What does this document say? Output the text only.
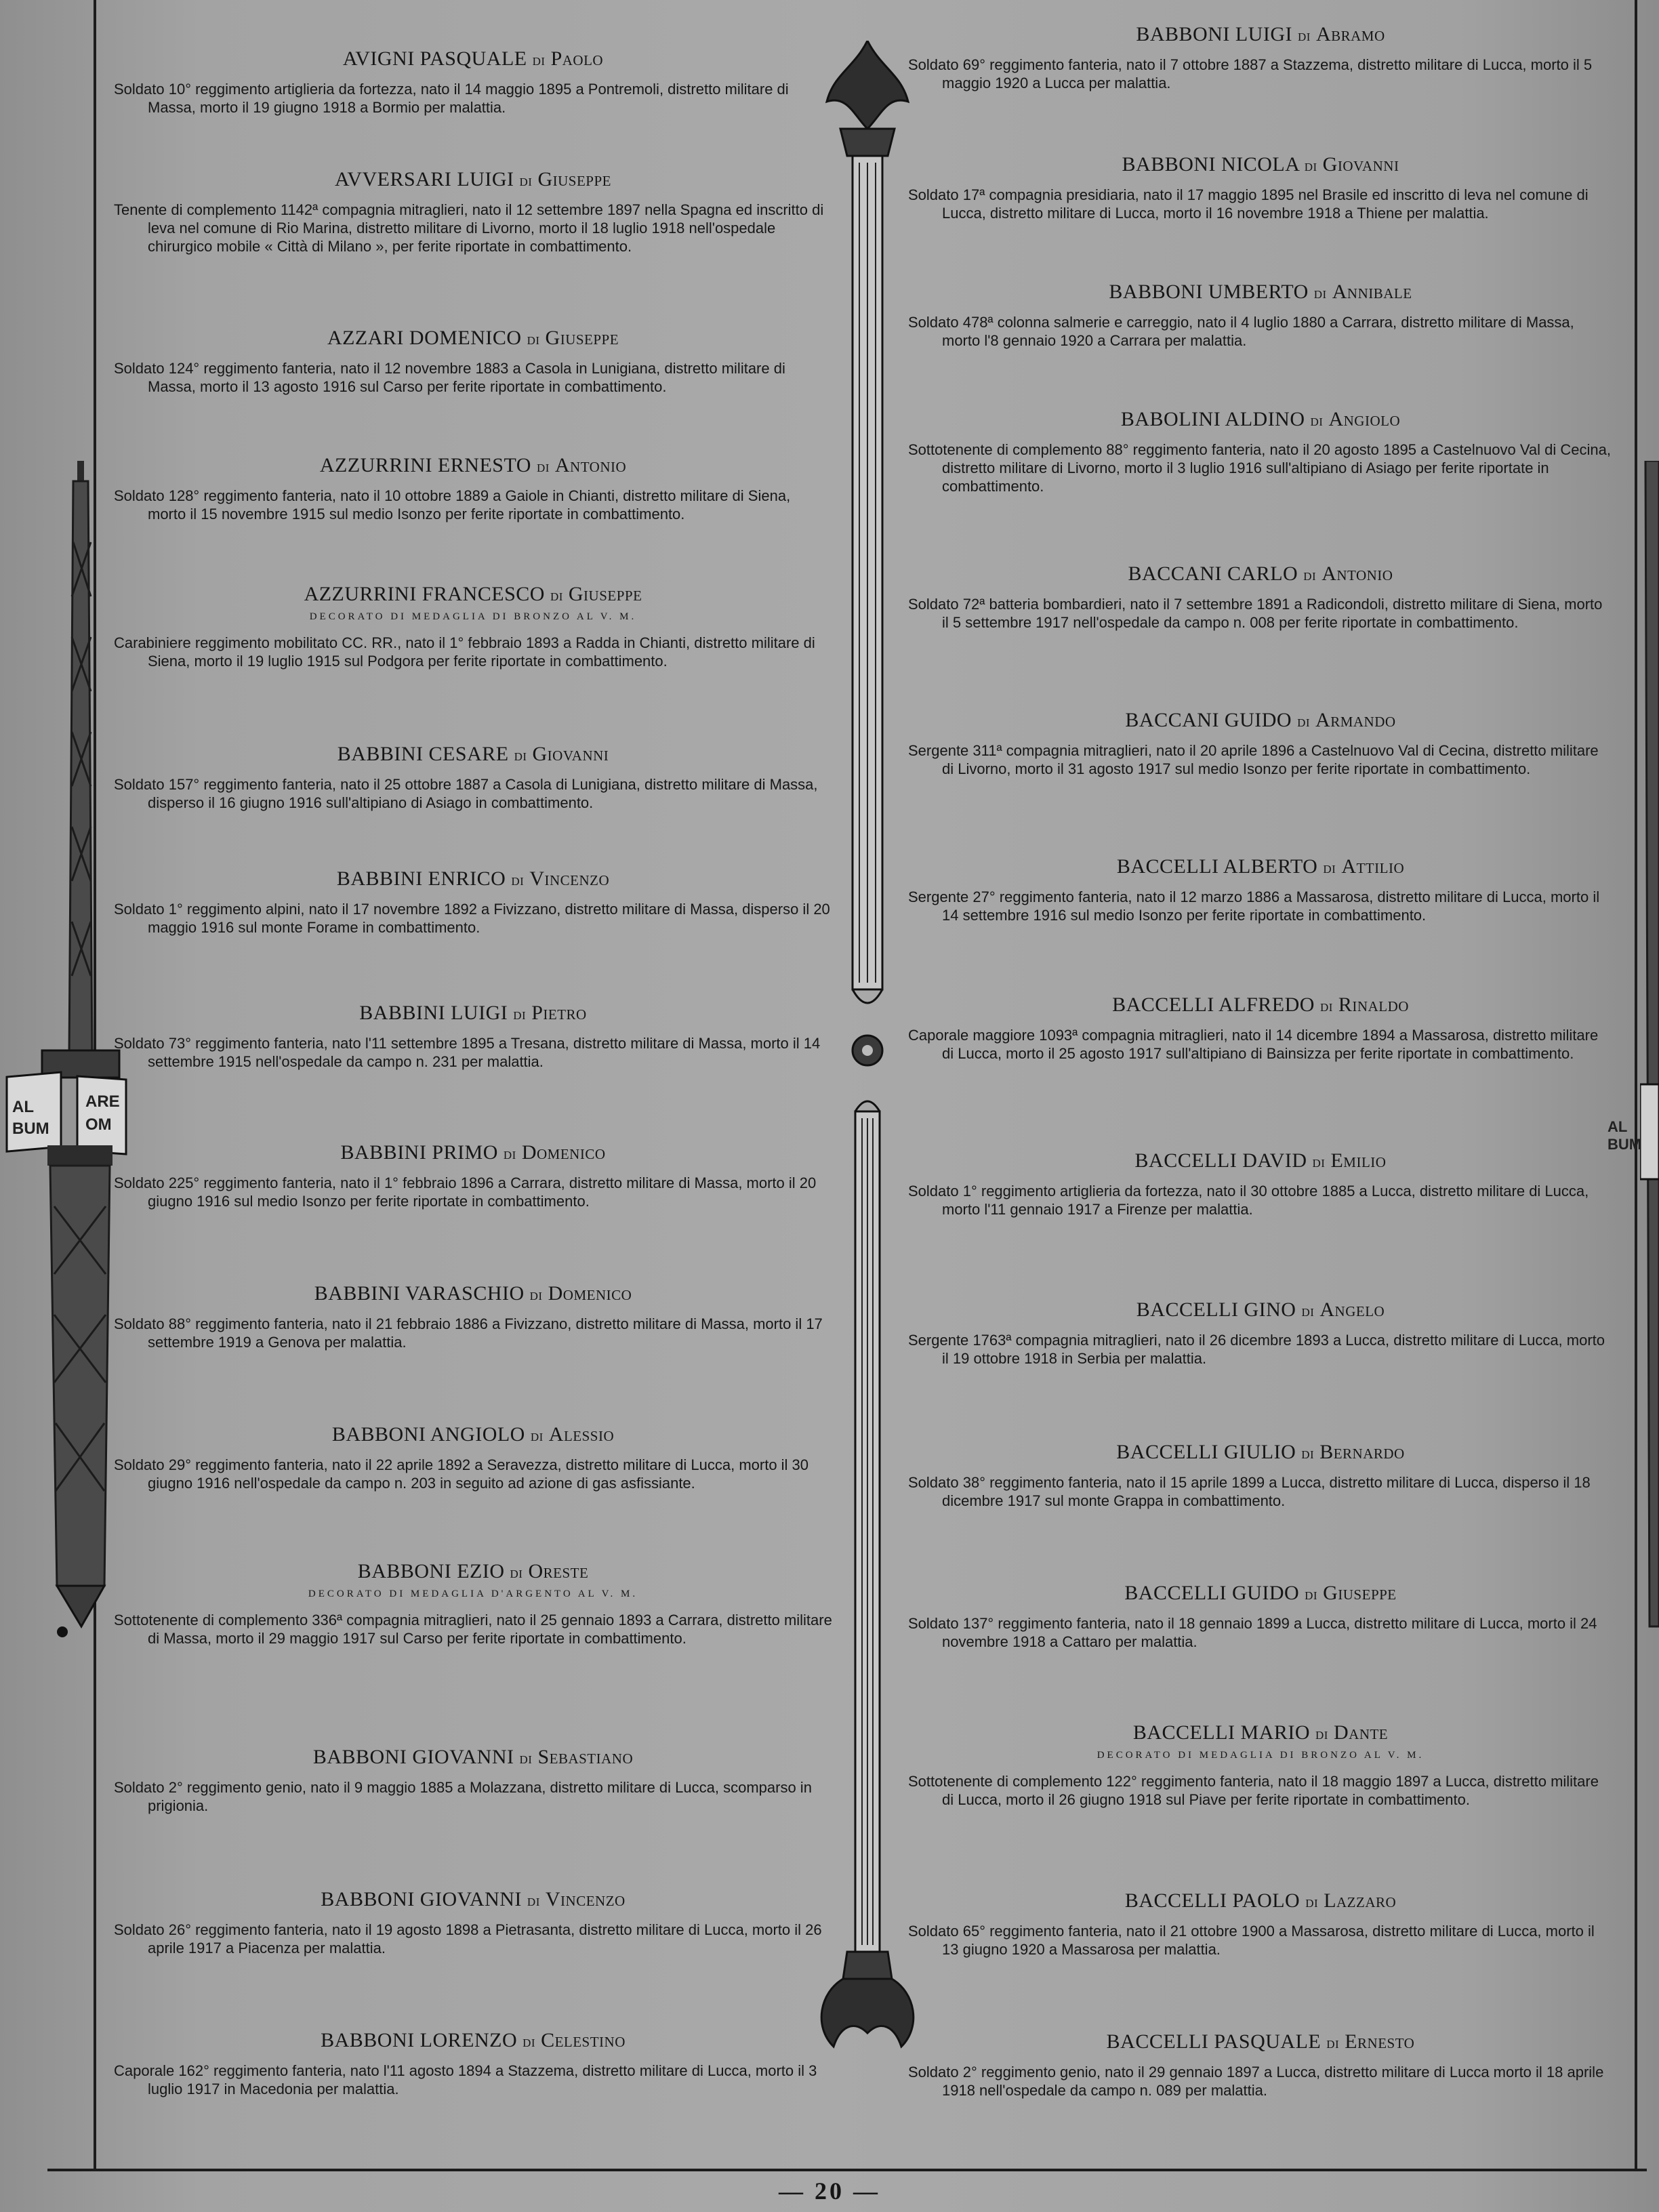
AL
BUM
ARE
OM	AL
BUM
AVIGNI PASQUALE di Paolo

Soldato 10° reggimento artiglieria da fortezza, nato il 14 maggio 1895 a Pontremoli, distretto militare di Massa, morto il 19 giugno 1918 a Bormio per malattia.

AVVERSARI LUIGI di Giuseppe

Tenente di complemento 1142ª compagnia mitraglieri, nato il 12 settembre 1897 nella Spagna ed inscritto di leva nel comune di Rio Marina, distretto militare di Livorno, morto il 18 luglio 1918 nell'ospedale chirurgico mobile « Città di Milano », per ferite riportate in combattimento.

AZZARI DOMENICO di Giuseppe

Soldato 124° reggimento fanteria, nato il 12 novembre 1883 a Casola in Lunigiana, distretto militare di Massa, morto il 13 agosto 1916 sul Carso per ferite riportate in combattimento.

AZZURRINI ERNESTO di Antonio

Soldato 128° reggimento fanteria, nato il 10 ottobre 1889 a Gaiole in Chianti, distretto militare di Siena, morto il 15 novembre 1915 sul medio Isonzo per ferite riportate in combattimento.

AZZURRINI FRANCESCO di Giuseppe
DECORATO DI MEDAGLIA DI BRONZO AL V. M.

Carabiniere reggimento mobilitato CC. RR., nato il 1° febbraio 1893 a Radda in Chianti, distretto militare di Siena, morto il 19 luglio 1915 sul Podgora per ferite riportate in combattimento.

BABBINI CESARE di Giovanni

Soldato 157° reggimento fanteria, nato il 25 ottobre 1887 a Casola di Lunigiana, distretto militare di Massa, disperso il 16 giugno 1916 sull'altipiano di Asiago in combattimento.

BABBINI ENRICO di Vincenzo

Soldato 1° reggimento alpini, nato il 17 novembre 1892 a Fivizzano, distretto militare di Massa, disperso il 20 maggio 1916 sul monte Forame in combattimento.

BABBINI LUIGI di Pietro

Soldato 73° reggimento fanteria, nato l'11 settembre 1895 a Tresana, distretto militare di Massa, morto il 14 settembre 1915 nell'ospedale da campo n. 231 per malattia.

BABBINI PRIMO di Domenico

Soldato 225° reggimento fanteria, nato il 1° febbraio 1896 a Carrara, distretto militare di Massa, morto il 20 giugno 1916 sul medio Isonzo per ferite riportate in combattimento.

BABBINI VARASCHIO di Domenico

Soldato 88° reggimento fanteria, nato il 21 febbraio 1886 a Fivizzano, distretto militare di Massa, morto il 17 settembre 1919 a Genova per malattia.

BABBONI ANGIOLO di Alessio

Soldato 29° reggimento fanteria, nato il 22 aprile 1892 a Seravezza, distretto militare di Lucca, morto il 30 giugno 1916 nell'ospedale da campo n. 203 in seguito ad azione di gas asfissiante.

BABBONI EZIO di Oreste
DECORATO DI MEDAGLIA D'ARGENTO AL V. M.

Sottotenente di complemento 336ª compagnia mitraglieri, nato il 25 gennaio 1893 a Carrara, distretto militare di Massa, morto il 29 maggio 1917 sul Carso per ferite riportate in combattimento.

BABBONI GIOVANNI di Sebastiano

Soldato 2° reggimento genio, nato il 9 maggio 1885 a Molazzana, distretto militare di Lucca, scomparso in prigionia.

BABBONI GIOVANNI di Vincenzo

Soldato 26° reggimento fanteria, nato il 19 agosto 1898 a Pietrasanta, distretto militare di Lucca, morto il 26 aprile 1917 a Piacenza per malattia.

BABBONI LORENZO di Celestino

Caporale 162° reggimento fanteria, nato l'11 agosto 1894 a Stazzema, distretto militare di Lucca, morto il 3 luglio 1917 in Macedonia per malattia.

BABBONI LUIGI di Abramo

Soldato 69° reggimento fanteria, nato il 7 ottobre 1887 a Stazzema, distretto militare di Lucca, morto il 5 maggio 1920 a Lucca per malattia.

BABBONI NICOLA di Giovanni

Soldato 17ª compagnia presidiaria, nato il 17 maggio 1895 nel Brasile ed inscritto di leva nel comune di Lucca, distretto militare di Lucca, morto il 16 novembre 1918 a Thiene per malattia.

BABBONI UMBERTO di Annibale

Soldato 478ª colonna salmerie e carreggio, nato il 4 luglio 1880 a Carrara, distretto militare di Massa, morto l'8 gennaio 1920 a Carrara per malattia.

BABOLINI ALDINO di Angiolo

Sottotenente di complemento 88° reggimento fanteria, nato il 20 agosto 1895 a Castelnuovo Val di Cecina, distretto militare di Livorno, morto il 3 luglio 1916 sull'altipiano di Asiago per ferite riportate in combattimento.

BACCANI CARLO di Antonio

Soldato 72ª batteria bombardieri, nato il 7 settembre 1891 a Radicondoli, distretto militare di Siena, morto il 5 settembre 1917 nell'ospedale da campo n. 008 per ferite riportate in combattimento.

BACCANI GUIDO di Armando

Sergente 311ª compagnia mitraglieri, nato il 20 aprile 1896 a Castelnuovo Val di Cecina, distretto militare di Livorno, morto il 31 agosto 1917 sul medio Isonzo per ferite riportate in combattimento.

BACCELLI ALBERTO di Attilio

Sergente 27° reggimento fanteria, nato il 12 marzo 1886 a Massarosa, distretto militare di Lucca, morto il 14 settembre 1916 sul medio Isonzo per ferite riportate in combattimento.

BACCELLI ALFREDO di Rinaldo

Caporale maggiore 1093ª compagnia mitraglieri, nato il 14 dicembre 1894 a Massarosa, distretto militare di Lucca, morto il 25 agosto 1917 sull'altipiano di Bainsizza per ferite riportate in combattimento.

BACCELLI DAVID di Emilio

Soldato 1° reggimento artiglieria da fortezza, nato il 30 ottobre 1885 a Lucca, distretto militare di Lucca, morto l'11 gennaio 1917 a Firenze per malattia.

BACCELLI GINO di Angelo

Sergente 1763ª compagnia mitraglieri, nato il 26 dicembre 1893 a Lucca, distretto militare di Lucca, morto il 19 ottobre 1918 in Serbia per malattia.

BACCELLI GIULIO di Bernardo

Soldato 38° reggimento fanteria, nato il 15 aprile 1899 a Lucca, distretto militare di Lucca, disperso il 18 dicembre 1917 sul monte Grappa in combattimento.

BACCELLI GUIDO di Giuseppe

Soldato 137° reggimento fanteria, nato il 18 gennaio 1899 a Lucca, distretto militare di Lucca, morto il 24 novembre 1918 a Cattaro per malattia.

BACCELLI MARIO di Dante
DECORATO DI MEDAGLIA DI BRONZO AL V. M.

Sottotenente di complemento 122° reggimento fanteria, nato il 18 maggio 1897 a Lucca, distretto militare di Lucca, morto il 26 giugno 1918 sul Piave per ferite riportate in combattimento.

BACCELLI PAOLO di Lazzaro

Soldato 65° reggimento fanteria, nato il 21 ottobre 1900 a Massarosa, distretto militare di Lucca, morto il 13 giugno 1920 a Massarosa per malattia.

BACCELLI PASQUALE di Ernesto

Soldato 2° reggimento genio, nato il 29 gennaio 1897 a Lucca, distretto militare di Lucca morto il 18 aprile 1918 nell'ospedale da campo n. 089 per malattia.

— 20 —
